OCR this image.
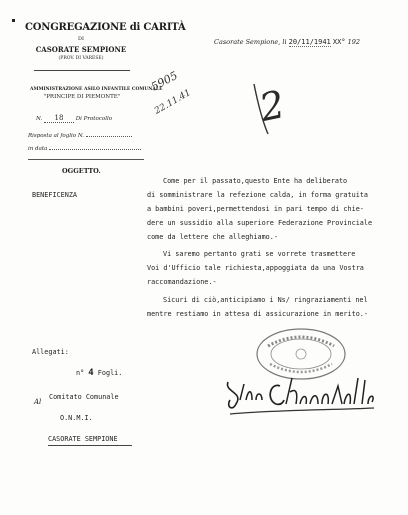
CONGREGAZIONE di CARITÀ
DI
CASORATE SEMPIONE
(PROV. DI VARESE)
AMMINISTRAZIONE ASILO INFANTILE COMUNALE
"PRINCIPE DI PIEMONTE"
N. 18 Di Protocollo
Risposta al foglio N.
in data
OGGETTO.
Casorate Sempione, li 20/11/1941 XX° 192
5905
22.11.41 2
BENEFICENZA
Come per il passato,questo Ente ha deliberato
di somministrare la refezione calda, in forma gratuita
a bambini poveri,permettendosi in pari tempo di chie-
dere un sussidio alla superiore Federazione Provinciale
come da lettere che alleghiamo.-
Vi saremo pertanto grati se vorrete trasmettere
Voi d'Ufficio tale richiesta,appoggiata da una Vostra
raccomandazione.-
Sicuri di ciò,anticipiamo i Ns/ ringraziamenti nel
mentre restiamo in attesa di assicurazione in merito.-
Allegati:
n° 4 Fogli.
Al
Comitato Comunale
O.N.M.I.
CASORATE SEMPIONE
